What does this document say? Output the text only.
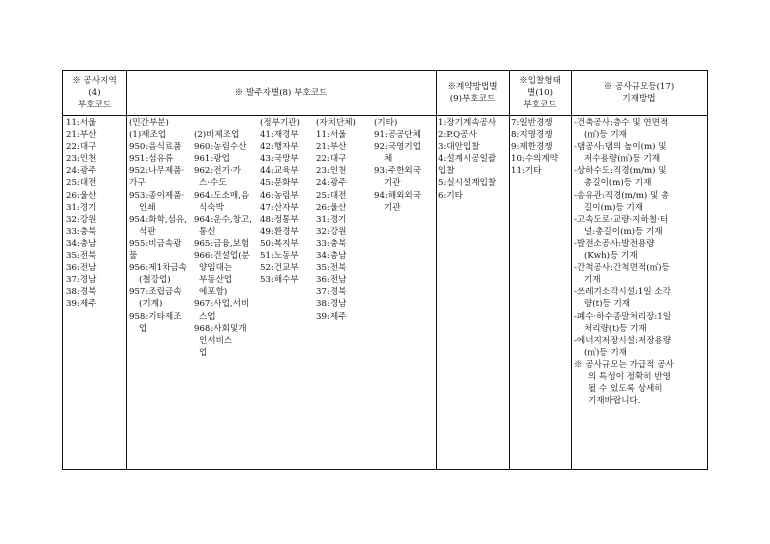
※ 공사지역
(4)
부호코드
※ 발주자별(8) 부호코드
※계약방법별
(9)부호코드
※입찰형태
별(10)
부호코드
※ 공사규모등(17)
기재방법
11:서울
21:부산
22:대구
23:인천
24:광주
25:대전
26:울산
31:경기
32:강원
33:충북
34:충남
35:전북
36:전남
37:경남
38:경북
39:제주
(민간부분)
(1)제조업
950:음식료품
951:섬유류
952:나무제품·
가구
953:종이제품·
인쇄
954:화학,섬유,
석판
955:비금속광
물
956:제1차금속
(철강업)
957:조립금속
(기계)
958:기타제조
업

(2)비제조업
960:농림수산
961:광업
962:전기·가
스·수도
964:도소매,음
식숙박
964:운수,창고,
통신
965:금융,보험
966:건설업(분
양임대는
부동산업
에포함)
967:사업,서비
스업
968:사회및개
인서비스
업
(정부기관)
41:재경부
42:행자부
43:국방부
44:교육부
45:문화부
46:농림부
47:산자부
48:정통부
49:환경부
50:복지부
51:노동부
52:건교부
53:해수부
(자치단체)
11:서울
21:부산
22:대구
23:인천
24:광주
25:대전
26:울산
31:경기
32:강원
33:충북
34:충남
35:전북
36:전남
37:경북
38:경남
39:제주
(기타)
91:공공단체
92:국영기업
체
93:주한외국
기관
94:해외외국
기관
1:장기계속공사
2:P.Q공사
3:대안입찰
4:설계시공일괄
입찰
5:실시설계입찰
6:기타
7:일반경쟁
8:지명경쟁
9:제한경쟁
10:수의계약
11:기타
-건축공사:층수 및 연면적
(㎡)등 기재
-댐공사:댐의 높이(m) 및
저수용량(㎥)등 기재
-상하수도:직경(m/m) 및
총길이(m)등 기재
-송유관:직경(m/m) 및 총
길이(m)등 기재
-고속도로·교량·지하철·터
널:총길이(m)등 기재
-발전소공사:발전용량
(Kwh)등 기재
-간척공사:간척면적(㎡)등
기재
-쓰레기소각시설:1일 소각
량(t)등 기재
-폐수·하수종말처리장:1일
처리량(t)등 기재
-에너지저장시설:저장용량
(㎥)등 기재
※ 공사규모는 가급적 공사
의 특성이 정확히 반영
될 수 있도록 상세히
기재바랍니다.
